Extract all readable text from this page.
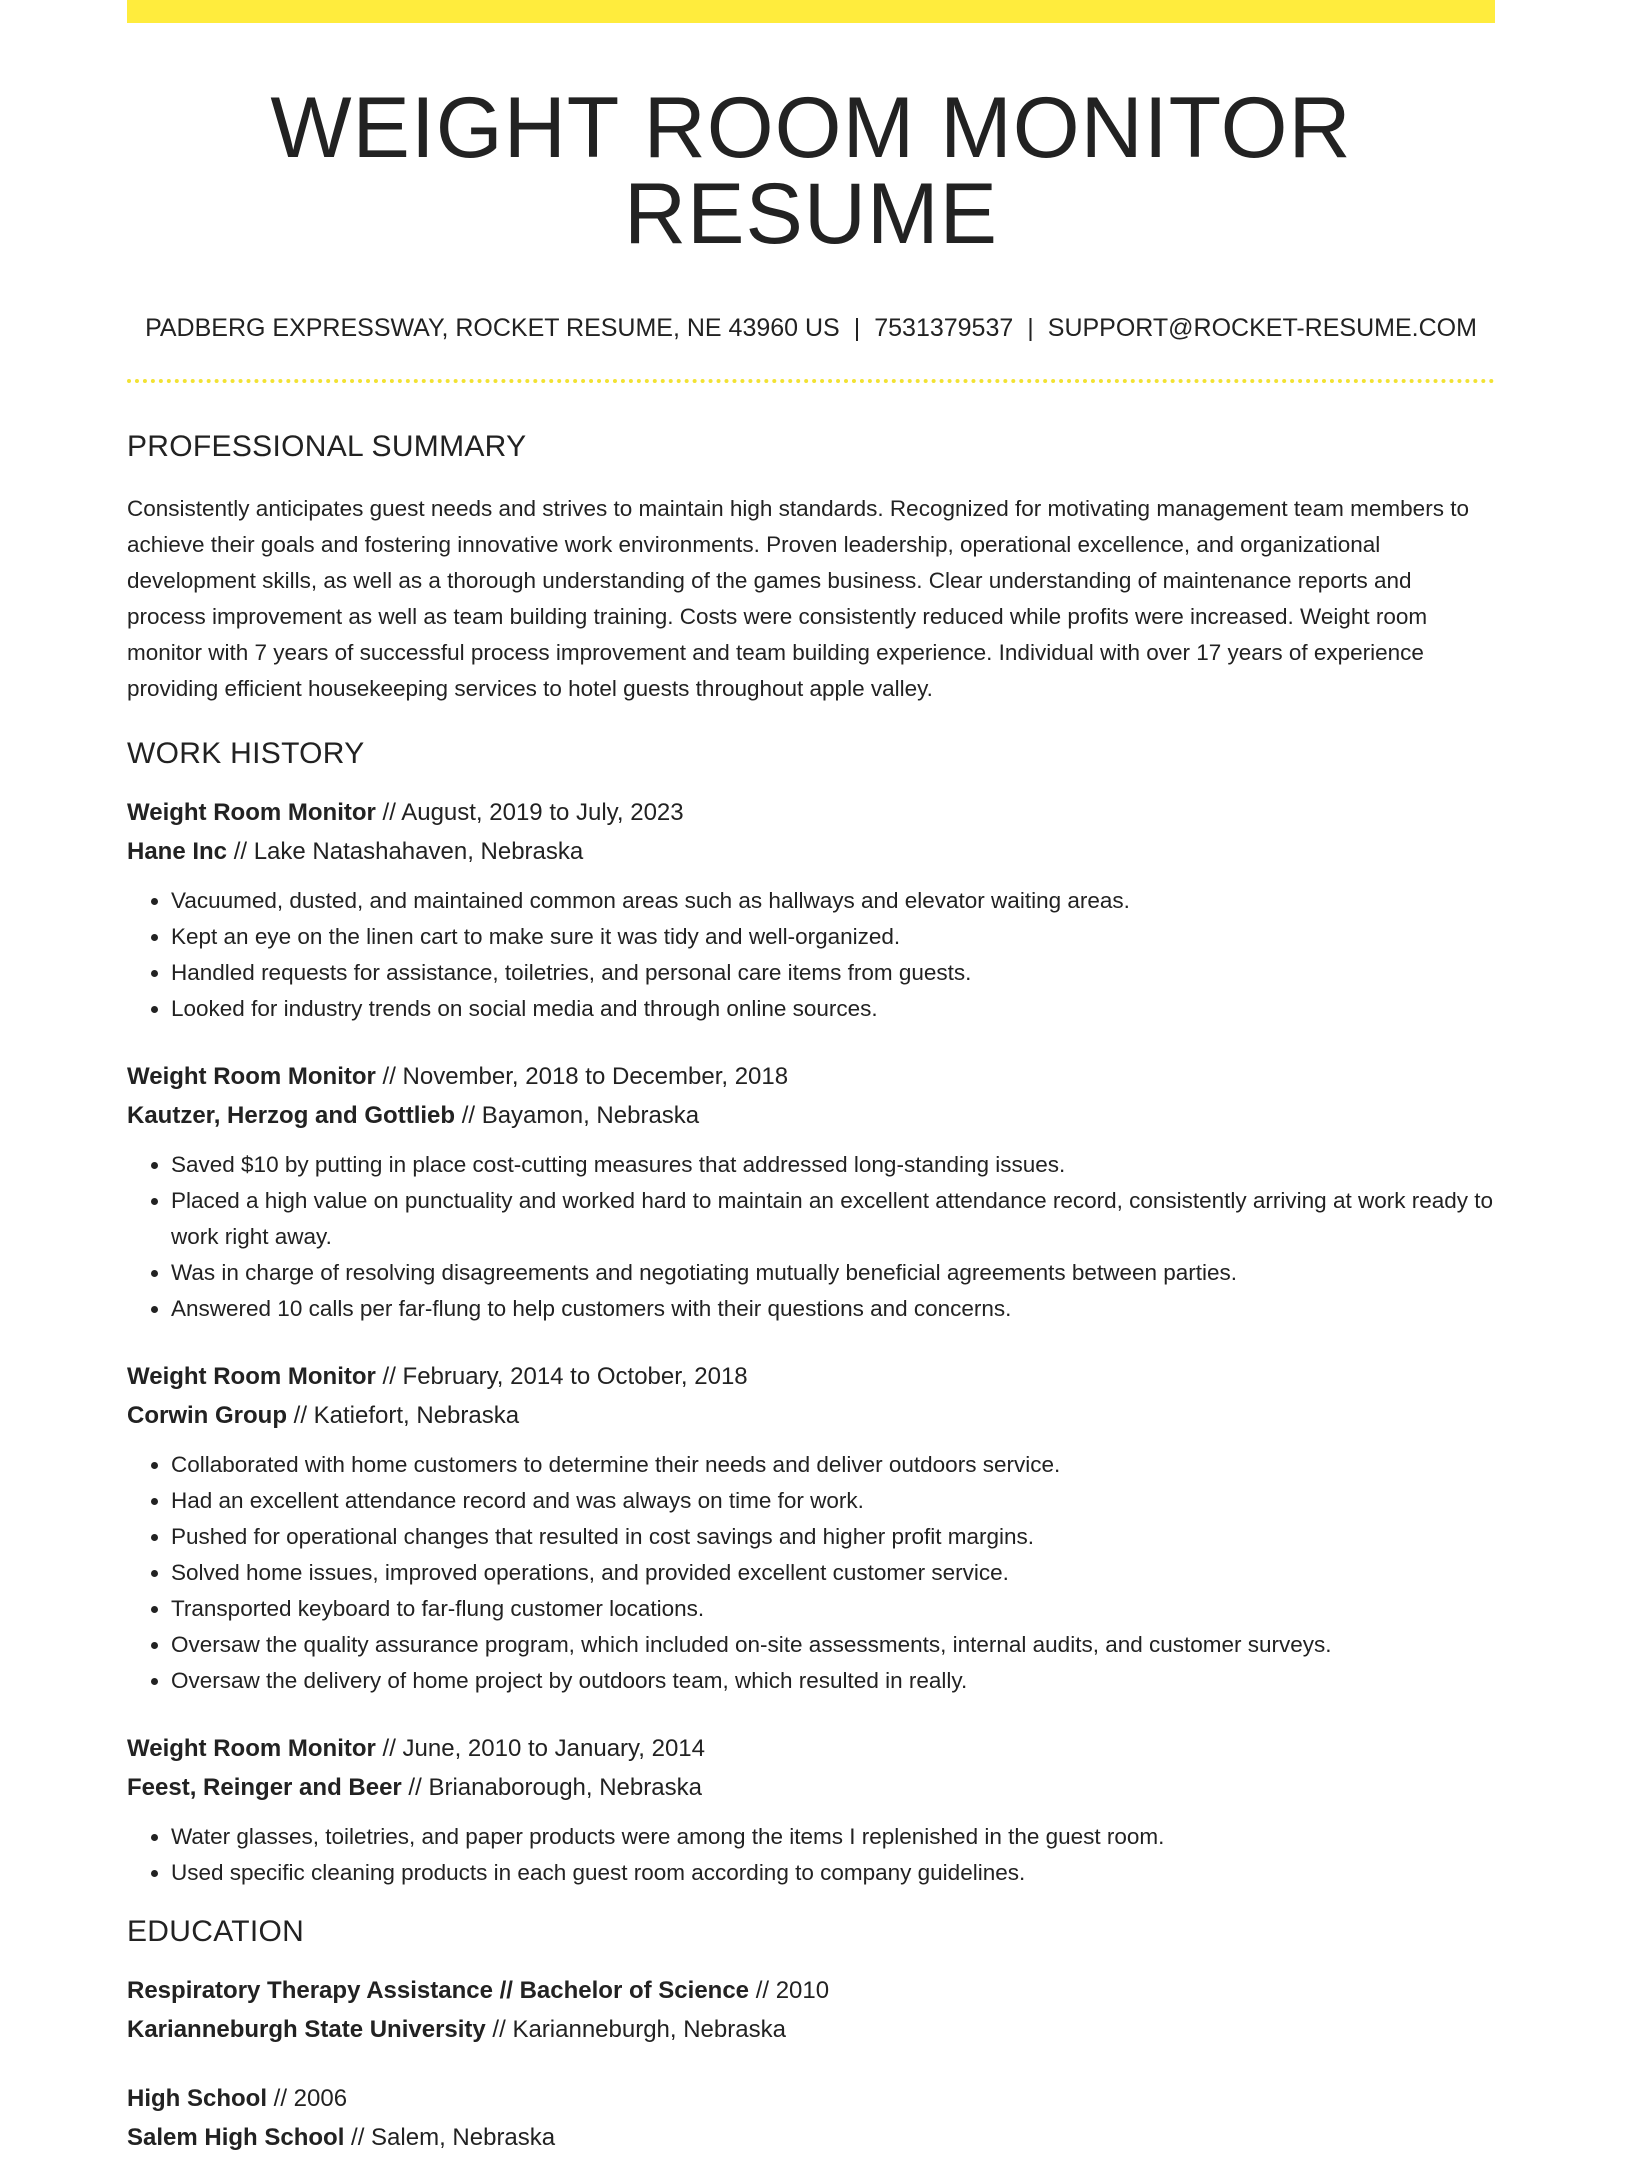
WEIGHT ROOM MONITOR RESUME
PADBERG EXPRESSWAY, ROCKET RESUME, NE 43960 US | 7531379537 | SUPPORT@ROCKET-RESUME.COM
PROFESSIONAL SUMMARY

Consistently anticipates guest needs and strives to maintain high standards. Recognized for motivating management team members to achieve their goals and fostering innovative work environments. Proven leadership, operational excellence, and organizational development skills, as well as a thorough understanding of the games business. Clear understanding of maintenance reports and process improvement as well as team building training. Costs were consistently reduced while profits were increased. Weight room monitor with 7 years of successful process improvement and team building experience. Individual with over 17 years of experience providing efficient housekeeping services to hotel guests throughout apple valley.

WORK HISTORY
Weight Room Monitor // August, 2019 to July, 2023
Hane Inc // Lake Natashahaven, Nebraska
• Vacuumed, dusted, and maintained common areas such as hallways and elevator waiting areas.
• Kept an eye on the linen cart to make sure it was tidy and well-organized.
• Handled requests for assistance, toiletries, and personal care items from guests.
• Looked for industry trends on social media and through online sources.
Weight Room Monitor // November, 2018 to December, 2018
Kautzer, Herzog and Gottlieb // Bayamon, Nebraska
• Saved $10 by putting in place cost-cutting measures that addressed long-standing issues.
• Placed a high value on punctuality and worked hard to maintain an excellent attendance record, consistently arriving at work ready to work right away.
• Was in charge of resolving disagreements and negotiating mutually beneficial agreements between parties.
• Answered 10 calls per far-flung to help customers with their questions and concerns.
Weight Room Monitor // February, 2014 to October, 2018
Corwin Group // Katiefort, Nebraska
• Collaborated with home customers to determine their needs and deliver outdoors service.
• Had an excellent attendance record and was always on time for work.
• Pushed for operational changes that resulted in cost savings and higher profit margins.
• Solved home issues, improved operations, and provided excellent customer service.
• Transported keyboard to far-flung customer locations.
• Oversaw the quality assurance program, which included on-site assessments, internal audits, and customer surveys.
• Oversaw the delivery of home project by outdoors team, which resulted in really.
Weight Room Monitor // June, 2010 to January, 2014
Feest, Reinger and Beer // Brianaborough, Nebraska
• Water glasses, toiletries, and paper products were among the items I replenished in the guest room.
• Used specific cleaning products in each guest room according to company guidelines.
EDUCATION
Respiratory Therapy Assistance // Bachelor of Science // 2010
Karianneburgh State University // Karianneburgh, Nebraska
High School // 2006
Salem High School // Salem, Nebraska
